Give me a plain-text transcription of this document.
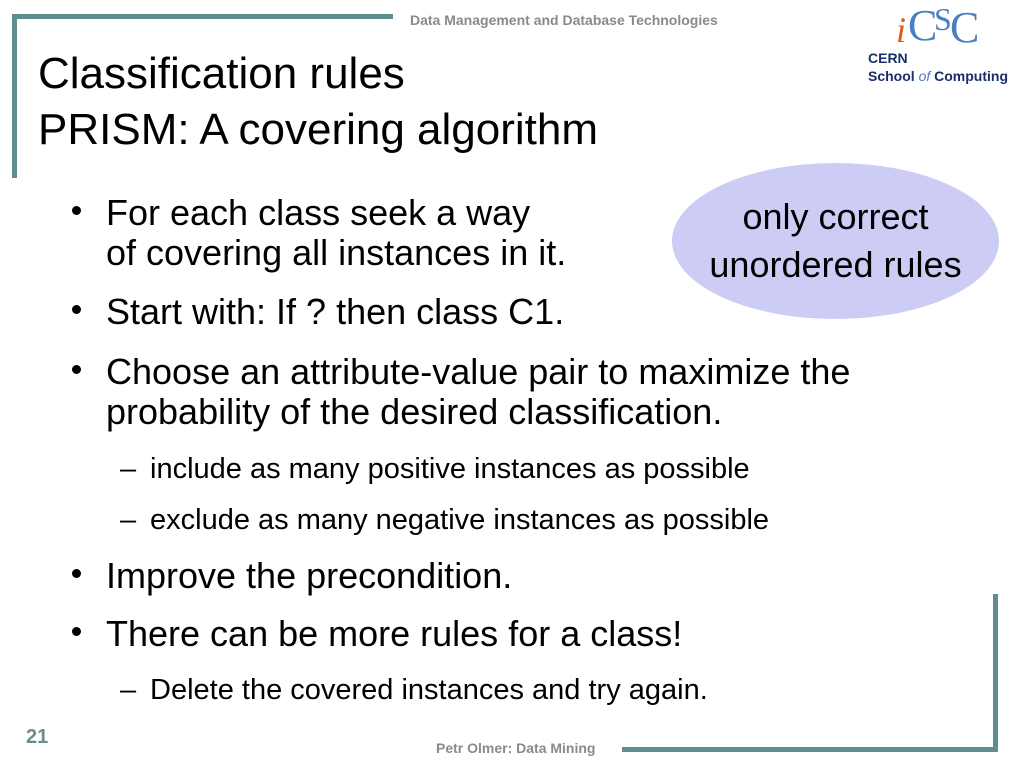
Data Management and Database Technologies	i C
S
C
CERN
School of Computing
Classification rules
PRISM: A covering algorithm
only correct
unordered rules
For each class seek a way
of covering all instances in it.
Start with: If ? then class C1.
Choose an attribute-value pair to maximize the
probability of the desired classification.
– include as many positive instances as possible
– exclude as many negative instances as possible
Improve the precondition.
There can be more rules for a class!
– Delete the covered instances and try again.
21	Petr Olmer: Data Mining
